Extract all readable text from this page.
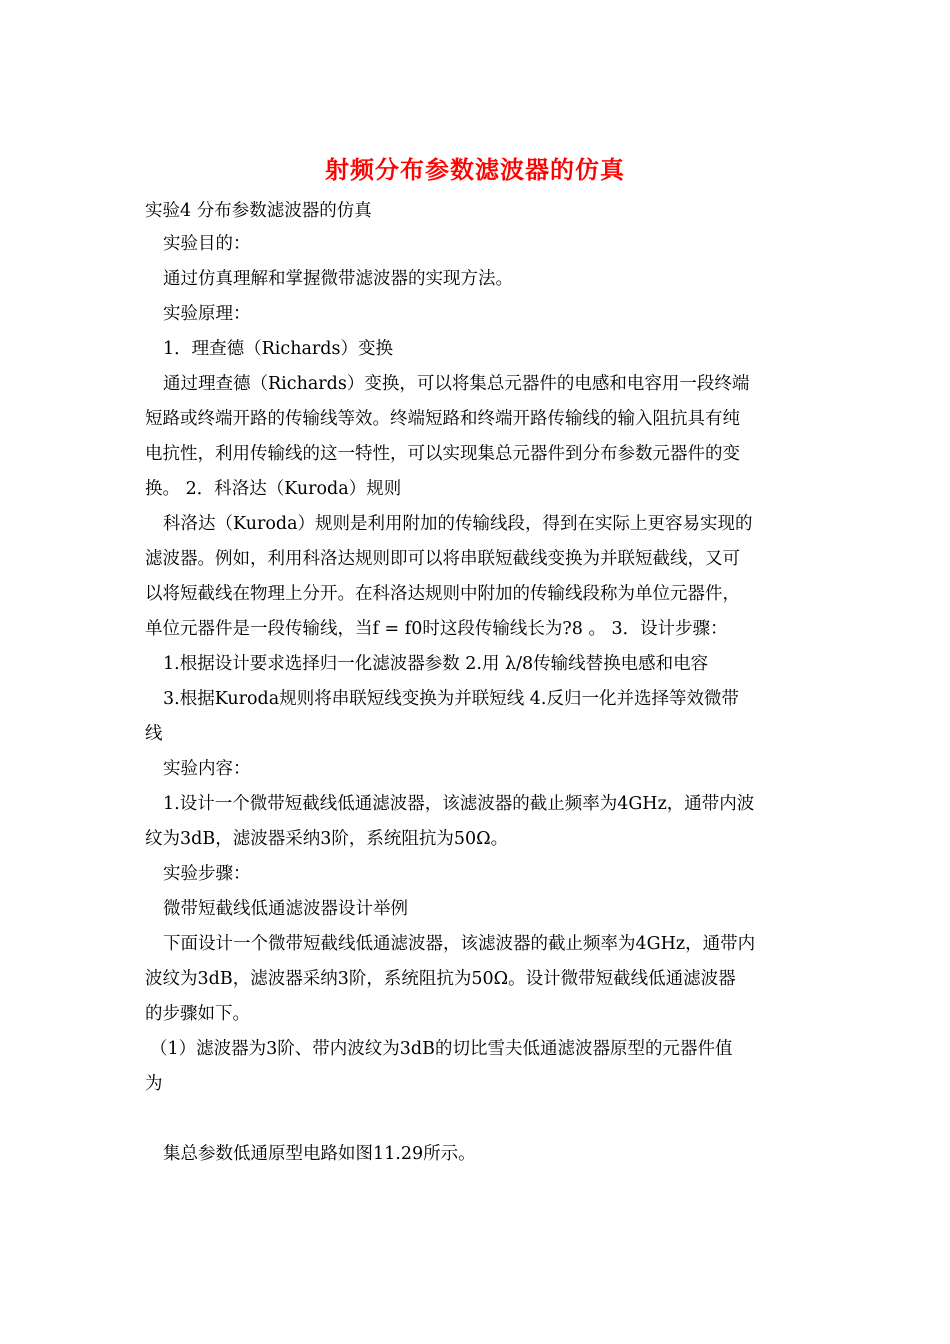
射频分布参数滤波器的仿真
实验4 分布参数滤波器的仿真
实验目的：
通过仿真理解和掌握微带滤波器的实现方法。
实验原理：
1．理查德（Richards）变换
通过理查德（Richards）变换，可以将集总元器件的电感和电容用一段终端
短路或终端开路的传输线等效。终端短路和终端开路传输线的输入阻抗具有纯
电抗性，利用传输线的这一特性，可以实现集总元器件到分布参数元器件的变
换。 2．科洛达（Kuroda）规则
科洛达（Kuroda）规则是利用附加的传输线段，得到在实际上更容易实现的
滤波器。例如，利用科洛达规则即可以将串联短截线变换为并联短截线，又可
以将短截线在物理上分开。在科洛达规则中附加的传输线段称为单位元器件，
单位元器件是一段传输线，当f = f0时这段传输线长为?8 。 3．设计步骤：
1.根据设计要求选择归一化滤波器参数 2.用 λ/8传输线替换电感和电容
3.根据Kuroda规则将串联短线变换为并联短线 4.反归一化并选择等效微带
线
实验内容：
1.设计一个微带短截线低通滤波器，该滤波器的截止频率为4GHz，通带内波
纹为3dB，滤波器采纳3阶，系统阻抗为50Ω。
实验步骤：
微带短截线低通滤波器设计举例
下面设计一个微带短截线低通滤波器，该滤波器的截止频率为4GHz，通带内
波纹为3dB，滤波器采纳3阶，系统阻抗为50Ω。设计微带短截线低通滤波器
的步骤如下。
（1）滤波器为3阶、带内波纹为3dB的切比雪夫低通滤波器原型的元器件值
为
集总参数低通原型电路如图11.29所示。
